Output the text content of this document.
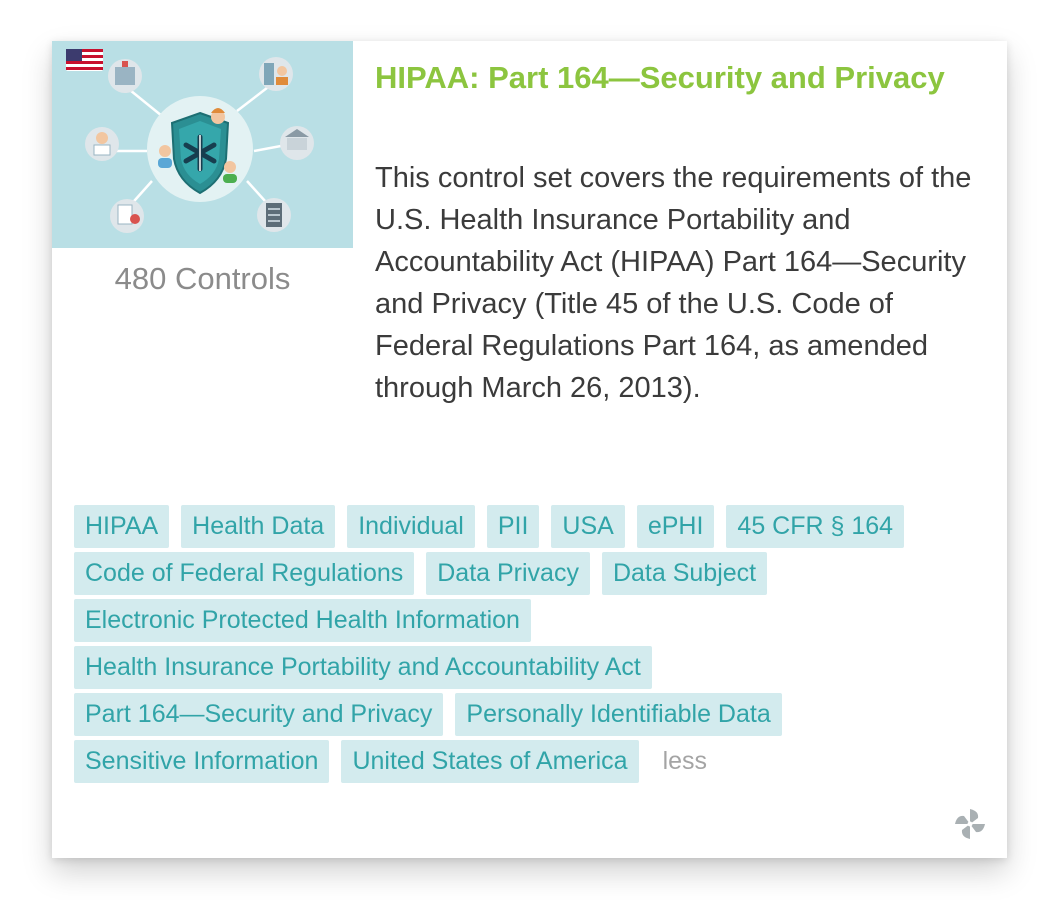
480 Controls
HIPAA: Part 164—Security and Privacy
This control set covers the requirements of the U.S. Health Insurance Portability and Accountability Act (HIPAA) Part 164—Security and Privacy (Title 45 of the U.S. Code of Federal Regulations Part 164, as amended through March 26, 2013).
HIPAA Health Data Individual PII USA ePHI 45 CFR § 164
Code of Federal Regulations Data Privacy Data Subject
Electronic Protected Health Information
Health Insurance Portability and Accountability Act
Part 164—Security and Privacy Personally Identifiable Data
Sensitive Information United States of America less
